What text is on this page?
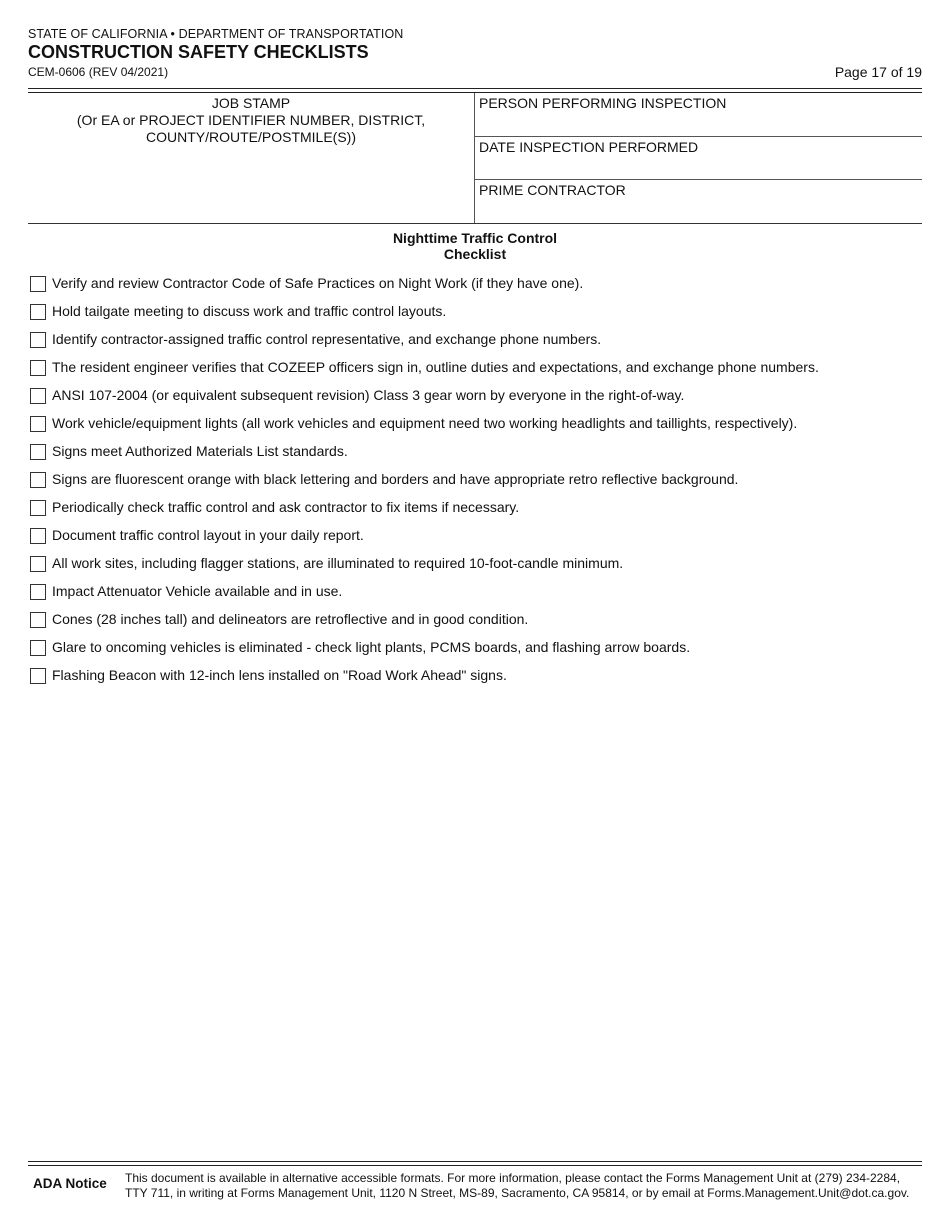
STATE OF CALIFORNIA • DEPARTMENT OF TRANSPORTATION
CONSTRUCTION SAFETY CHECKLISTS
CEM-0606 (REV 04/2021)	Page 17 of 19
JOB STAMP
(Or EA or PROJECT IDENTIFIER NUMBER, DISTRICT,
COUNTY/ROUTE/POSTMILE(S))
PERSON PERFORMING INSPECTION
DATE INSPECTION PERFORMED
PRIME CONTRACTOR
Nighttime Traffic Control
Checklist
Verify and review Contractor Code of Safe Practices on Night Work (if they have one).
Hold tailgate meeting to discuss work and traffic control layouts.
Identify contractor-assigned traffic control representative, and exchange phone numbers.
The resident engineer verifies that COZEEP officers sign in, outline duties and expectations, and exchange phone numbers.
ANSI 107-2004 (or equivalent subsequent revision) Class 3 gear worn by everyone in the right-of-way.
Work vehicle/equipment lights (all work vehicles and equipment need two working headlights and taillights, respectively).
Signs meet Authorized Materials List standards.
Signs are fluorescent orange with black lettering and borders and have appropriate retro reflective background.
Periodically check traffic control and ask contractor to fix items if necessary.
Document traffic control layout in your daily report.
All work sites, including flagger stations, are illuminated to required 10-foot-candle minimum.
Impact Attenuator Vehicle available and in use.
Cones (28 inches tall) and delineators are retroflective and in good condition.
Glare to oncoming vehicles is eliminated - check light plants, PCMS boards, and flashing arrow boards.
Flashing Beacon with 12-inch lens installed on "Road Work Ahead" signs.
ADA Notice This document is available in alternative accessible formats. For more information, please contact the Forms Management Unit at (279) 234-2284,
TTY 711, in writing at Forms Management Unit, 1120 N Street, MS-89, Sacramento, CA 95814, or by email at Forms.Management.Unit@dot.ca.gov.
